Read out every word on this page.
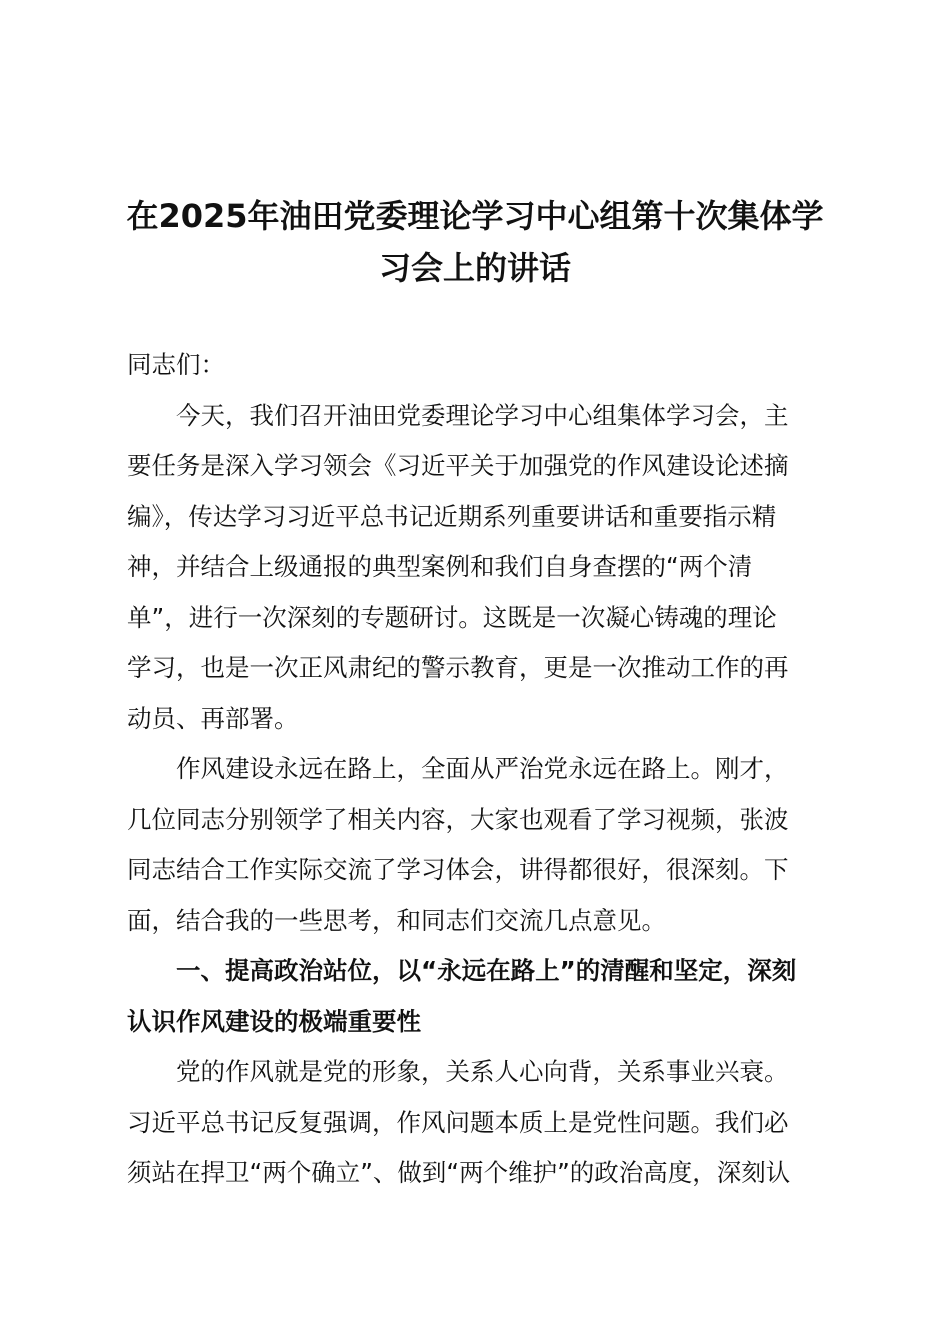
在2025年油田党委理论学习中心组第十次集体学
习会上的讲话
同志们：
今天，我们召开油田党委理论学习中心组集体学习会，主
要任务是深入学习领会《习近平关于加强党的作风建设论述摘
编》，传达学习习近平总书记近期系列重要讲话和重要指示精
神，并结合上级通报的典型案例和我们自身查摆的“两个清
单”，进行一次深刻的专题研讨。这既是一次凝心铸魂的理论
学习，也是一次正风肃纪的警示教育，更是一次推动工作的再
动员、再部署。
作风建设永远在路上，全面从严治党永远在路上。刚才，
几位同志分别领学了相关内容，大家也观看了学习视频，张波
同志结合工作实际交流了学习体会，讲得都很好，很深刻。下
面，结合我的一些思考，和同志们交流几点意见。
一、提高政治站位，以“永远在路上”的清醒和坚定，深刻
认识作风建设的极端重要性
党的作风就是党的形象，关系人心向背，关系事业兴衰。
习近平总书记反复强调，作风问题本质上是党性问题。我们必
须站在捍卫“两个确立”、做到“两个维护”的政治高度，深刻认
